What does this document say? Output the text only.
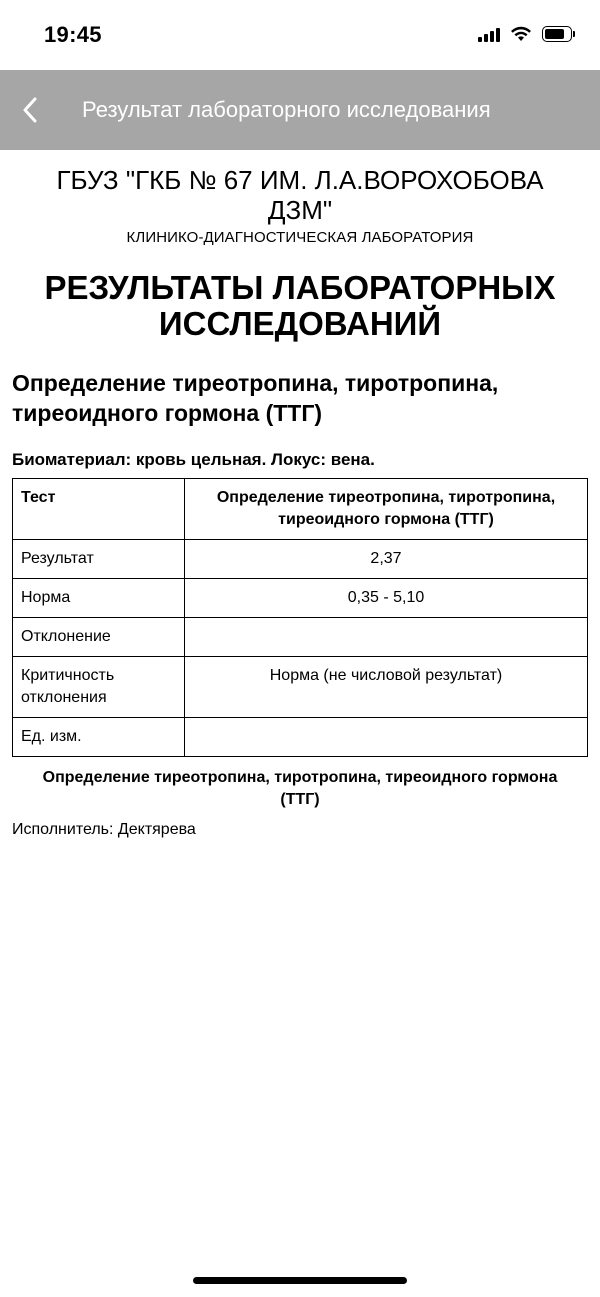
19:45
Результат лабораторного исследования
ГБУЗ "ГКБ № 67 ИМ. Л.А.ВОРОХОБОВА ДЗМ"
КЛИНИКО-ДИАГНОСТИЧЕСКАЯ ЛАБОРАТОРИЯ
РЕЗУЛЬТАТЫ ЛАБОРАТОРНЫХ ИССЛЕДОВАНИЙ
Определение тиреотропина, тиротропина, тиреоидного гормона (ТТГ)
Биоматериал: кровь цельная. Локус: вена.
Тест	Определение тиреотропина, тиротропина, тиреоидного гормона (ТТГ)
Результат	2,37
Норма	0,35 - 5,10
Отклонение	
Критичность отклонения	Норма (не числовой результат)
Ед. изм.	
Определение тиреотропина, тиротропина, тиреоидного гормона (ТТГ)
Исполнитель: Дектярева
